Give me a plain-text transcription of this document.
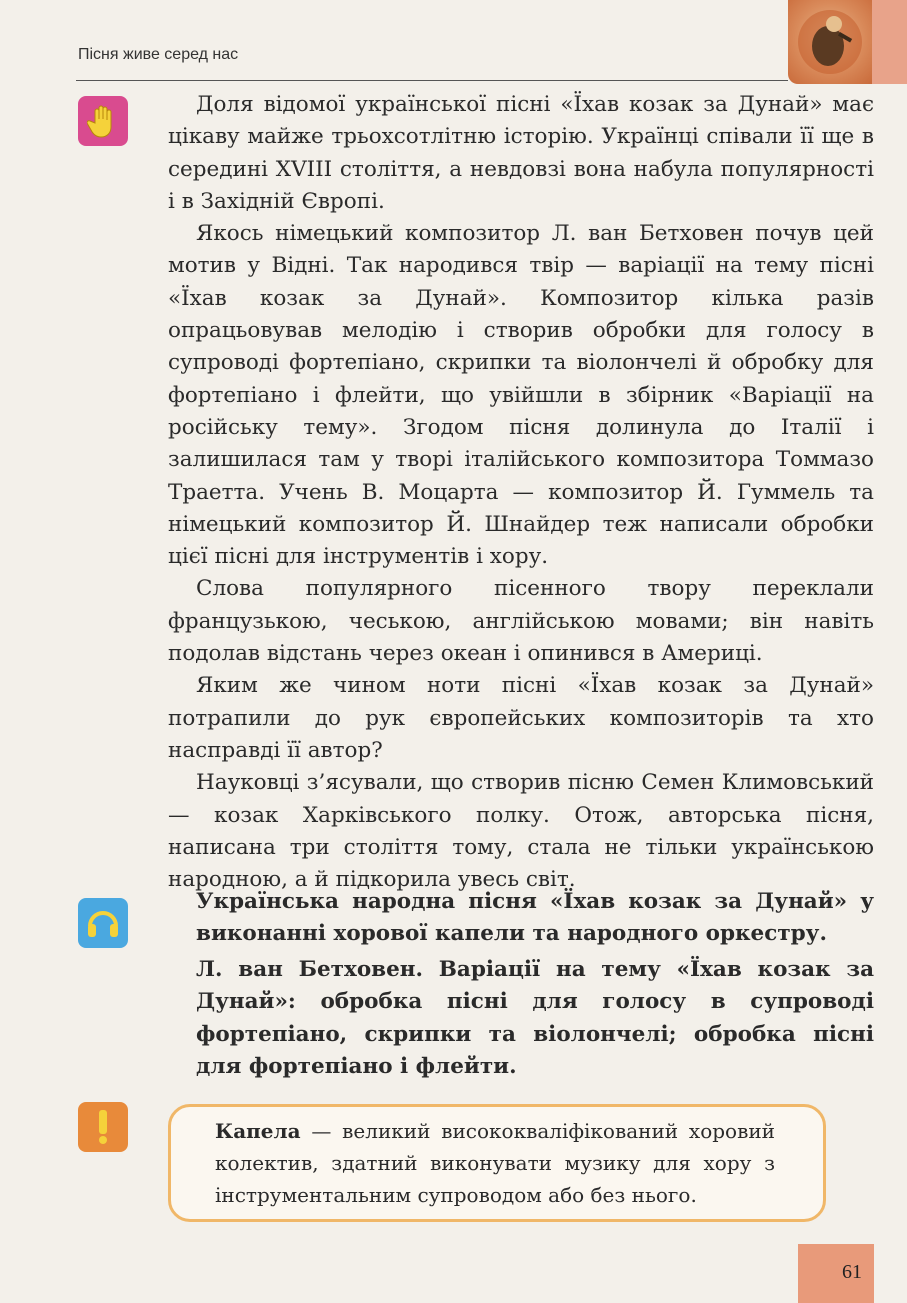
Пісня живе серед нас

Доля відомої української пісні «Їхав козак за Дунай» має цікаву майже трьохсотлітню історію. Українці співали її ще в середині XVIII століття, а невдовзі вона набула популярності і в Західній Європі.

Якось німецький композитор Л. ван Бетховен почув цей мотив у Відні. Так народився твір — варіації на тему пісні «Їхав козак за Дунай». Композитор кілька разів опрацьовував мелодію і створив обробки для голосу в супроводі фортепіано, скрипки та віолончелі й обробку для фортепіано і флейти, що увійшли в збірник «Варіації на російську тему». Згодом пісня долинула до Італії і залишилася там у творі італійського композитора Томмазо Траетта. Учень В. Моцарта — композитор Й. Гуммель та німецький композитор Й. Шнайдер теж написали обробки цієї пісні для інструментів і хору.

Слова популярного пісенного твору переклали французькою, чеською, англійською мовами; він навіть подолав відстань через океан і опинився в Америці.

Яким же чином ноти пісні «Їхав козак за Дунай» потрапили до рук європейських композиторів та хто насправді її автор?

Науковці з’ясували, що створив пісню Семен Климовський — козак Харківського полку. Отож, авторська пісня, написана три століття тому, стала не тільки українською народною, а й підкорила увесь світ.

Українська народна пісня «Їхав козак за Дунай» у виконанні хорової капели та народного оркестру.
Л. ван Бетховен. Варіації на тему «Їхав козак за Дунай»: обробка пісні для голосу в супроводі фортепіано, скрипки та віолончелі; обробка пісні для фортепіано і флейти.
Капела — великий висококваліфікований хоровий колектив, здатний виконувати музику для хору з інструментальним супроводом або без нього.
61
